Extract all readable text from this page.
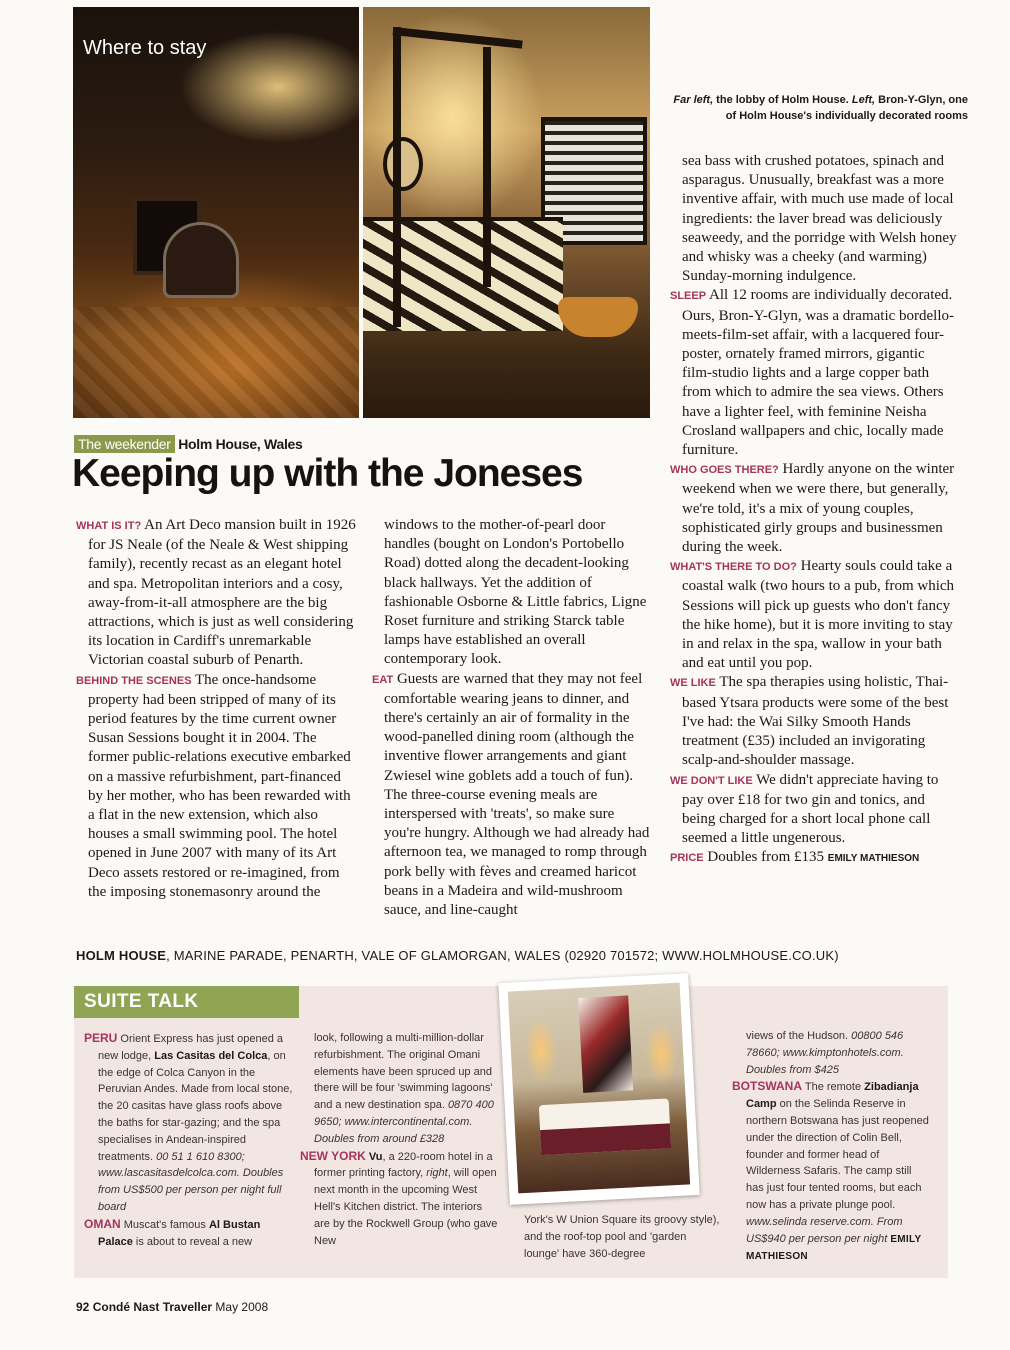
Where to stay
Far left, the lobby of Holm House. Left, Bron-Y-Glyn, one of Holm House's individually decorated rooms
The weekender Holm House, Wales
Keeping up with the Joneses

WHAT IS IT? An Art Deco mansion built in 1926 for JS Neale (of the Neale & West shipping family), recently recast as an elegant hotel and spa. Metropolitan interiors and a cosy, away-from-it-all atmosphere are the big attractions, which is just as well considering its location in Cardiff's unremarkable Victorian coastal suburb of Penarth.

BEHIND THE SCENES The once-handsome property had been stripped of many of its period features by the time current owner Susan Sessions bought it in 2004. The former public-relations executive embarked on a massive refurbishment, part-financed by her mother, who has been rewarded with a flat in the new extension, which also houses a small swimming pool. The hotel opened in June 2007 with many of its Art Deco assets restored or re-imagined, from the imposing stonemasonry around the

windows to the mother-of-pearl door handles (bought on London's Portobello Road) dotted along the decadent-looking black hallways. Yet the addition of fashionable Osborne & Little fabrics, Ligne Roset furniture and striking Starck table lamps have established an overall contemporary look.

EAT Guests are warned that they may not feel comfortable wearing jeans to dinner, and there's certainly an air of formality in the wood-panelled dining room (although the inventive flower arrangements and giant Zwiesel wine goblets add a touch of fun). The three-course evening meals are interspersed with 'treats', so make sure you're hungry. Although we had already had afternoon tea, we managed to romp through pork belly with fèves and creamed haricot beans in a Madeira and wild-mushroom sauce, and line-caught

sea bass with crushed potatoes, spinach and asparagus. Unusually, breakfast was a more inventive affair, with much use made of local ingredients: the laver bread was deliciously seaweedy, and the porridge with Welsh honey and whisky was a cheeky (and warming) Sunday-morning indulgence.

SLEEP All 12 rooms are individually decorated. Ours, Bron-Y-Glyn, was a dramatic bordello-meets-film-set affair, with a lacquered four-poster, ornately framed mirrors, gigantic film-studio lights and a large copper bath from which to admire the sea views. Others have a lighter feel, with feminine Neisha Crosland wallpapers and chic, locally made furniture.

WHO GOES THERE? Hardly anyone on the winter weekend when we were there, but generally, we're told, it's a mix of young couples, sophisticated girly groups and businessmen during the week.

WHAT'S THERE TO DO? Hearty souls could take a coastal walk (two hours to a pub, from which Sessions will pick up guests who don't fancy the hike home), but it is more inviting to stay in and relax in the spa, wallow in your bath and eat until you pop.

WE LIKE The spa therapies using holistic, Thai-based Ytsara products were some of the best I've had: the Wai Silky Smooth Hands treatment (£35) included an invigorating scalp-and-shoulder massage.

WE DON'T LIKE We didn't appreciate having to pay over £18 for two gin and tonics, and being charged for a short local phone call seemed a little ungenerous.

PRICE Doubles from £135 EMILY MATHIESON

HOLM HOUSE, MARINE PARADE, PENARTH, VALE OF GLAMORGAN, WALES (02920 701572; WWW.HOLMHOUSE.CO.UK)
SUITE TALK

PERU Orient Express has just opened a new lodge, Las Casitas del Colca, on the edge of Colca Canyon in the Peruvian Andes. Made from local stone, the 20 casitas have glass roofs above the baths for star-gazing; and the spa specialises in Andean-inspired treatments. 00 51 1 610 8300; www.lascasitasdelcolca.com. Doubles from US$500 per person per night full board

OMAN Muscat's famous Al Bustan Palace is about to reveal a new

look, following a multi-million-dollar refurbishment. The original Omani elements have been spruced up and there will be four 'swimming lagoons' and a new destination spa. 0870 400 9650; www.intercontinental.com. Doubles from around £328

NEW YORK Vu, a 220-room hotel in a former printing factory, right, will open next month in the upcoming West Hell's Kitchen district. The interiors are by the Rockwell Group (who gave New

views of the Hudson. 00800 546 78660; www.kimptonhotels.com. Doubles from $425

BOTSWANA The remote Zibadianja Camp on the Selinda Reserve in northern Botswana has just reopened under the direction of Colin Bell, founder and former head of Wilderness Safaris. The camp still has just four tented rooms, but each now has a private plunge pool. www.selinda reserve.com. From US$940 per person per night EMILY MATHIESON

York's W Union Square its groovy style), and the roof-top pool and 'garden lounge' have 360-degree
92 Condé Nast Traveller May 2008
